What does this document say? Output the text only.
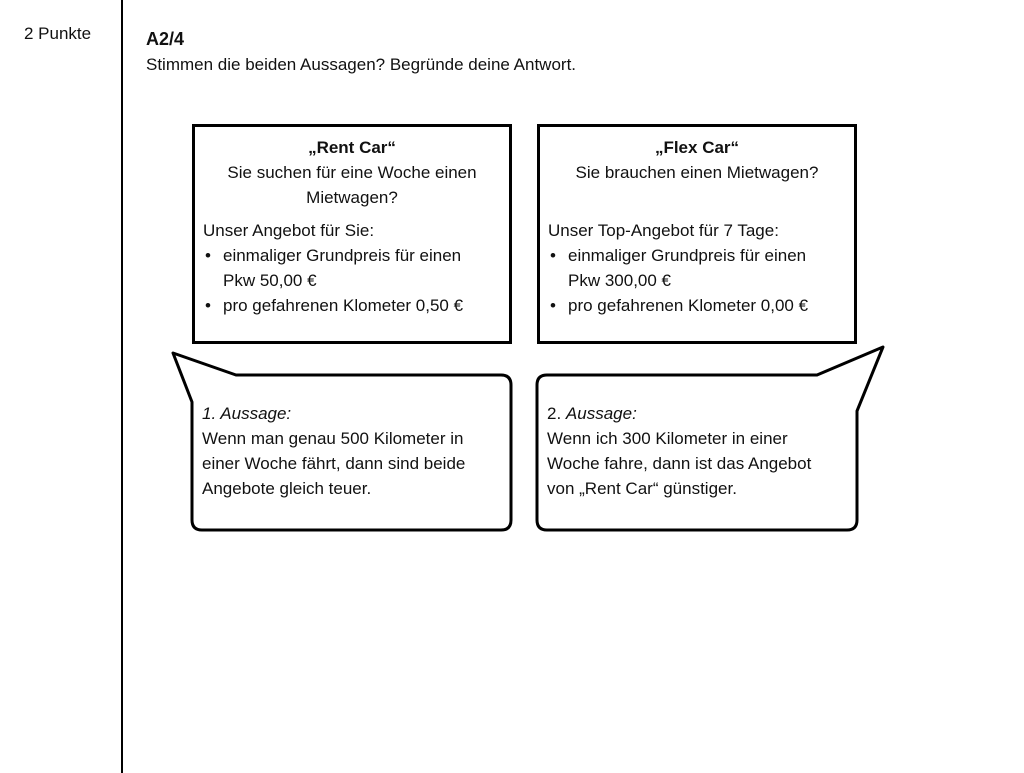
2 Punkte	A2/4
Stimmen die beiden Aussagen? Begründe deine Antwort.
„Rent Car“
Sie suchen für eine Woche einen
Mietwagen?
Unser Angebot für Sie:
• einmaliger Grundpreis für einen
Pkw 50,00 €
• pro gefahrenen Klometer 0,50 €
„Flex Car“
Sie brauchen einen Mietwagen?
Unser Top-Angebot für 7 Tage:
• einmaliger Grundpreis für einen
Pkw 300,00 €
• pro gefahrenen Klometer 0,00 €
1. Aussage:
Wenn man genau 500 Kilometer in
einer Woche fährt, dann sind beide
Angebote gleich teuer.
2. Aussage:
Wenn ich 300 Kilometer in einer
Woche fahre, dann ist das Angebot
von „Rent Car“ günstiger.
